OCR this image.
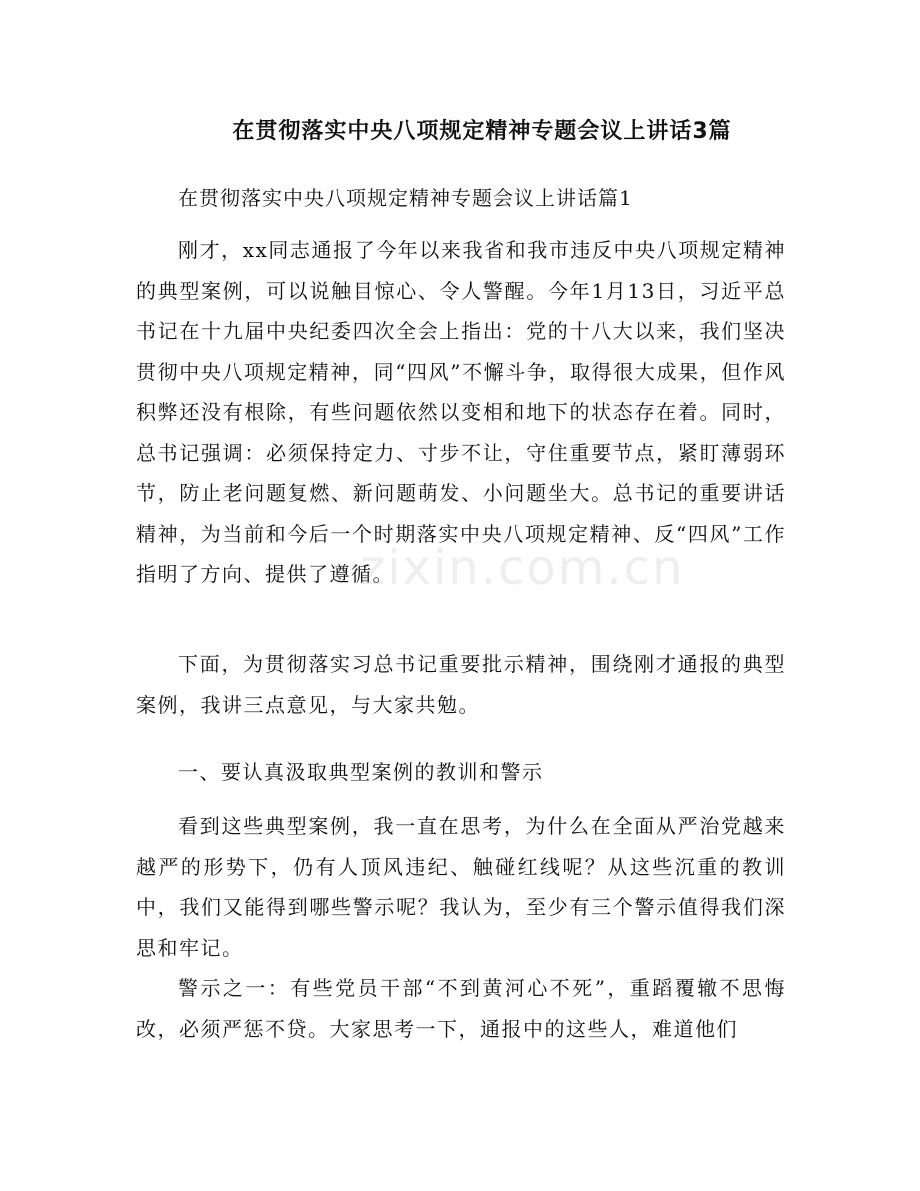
在贯彻落实中央八项规定精神专题会议上讲话3篇
在贯彻落实中央八项规定精神专题会议上讲话篇1
刚才，xx同志通报了今年以来我省和我市违反中央八项规定精神的典型案例，可以说触目惊心、令人警醒。今年1月13日，习近平总书记在十九届中央纪委四次全会上指出：党的十八大以来，我们坚决贯彻中央八项规定精神，同“四风”不懈斗争，取得很大成果，但作风积弊还没有根除，有些问题依然以变相和地下的状态存在着。同时，总书记强调：必须保持定力、寸步不让，守住重要节点，紧盯薄弱环节，防止老问题复燃、新问题萌发、小问题坐大。总书记的重要讲话精神，为当前和今后一个时期落实中央八项规定精神、反“四风”工作指明了方向、提供了遵循。
下面，为贯彻落实习总书记重要批示精神，围绕刚才通报的典型案例，我讲三点意见，与大家共勉。
一、要认真汲取典型案例的教训和警示
看到这些典型案例，我一直在思考，为什么在全面从严治党越来越严的形势下，仍有人顶风违纪、触碰红线呢？从这些沉重的教训中，我们又能得到哪些警示呢？我认为，至少有三个警示值得我们深思和牢记。
警示之一：有些党员干部“不到黄河心不死”，重蹈覆辙不思悔改，必须严惩不贷。大家思考一下，通报中的这些人，难道他们
zixin.com.cn
